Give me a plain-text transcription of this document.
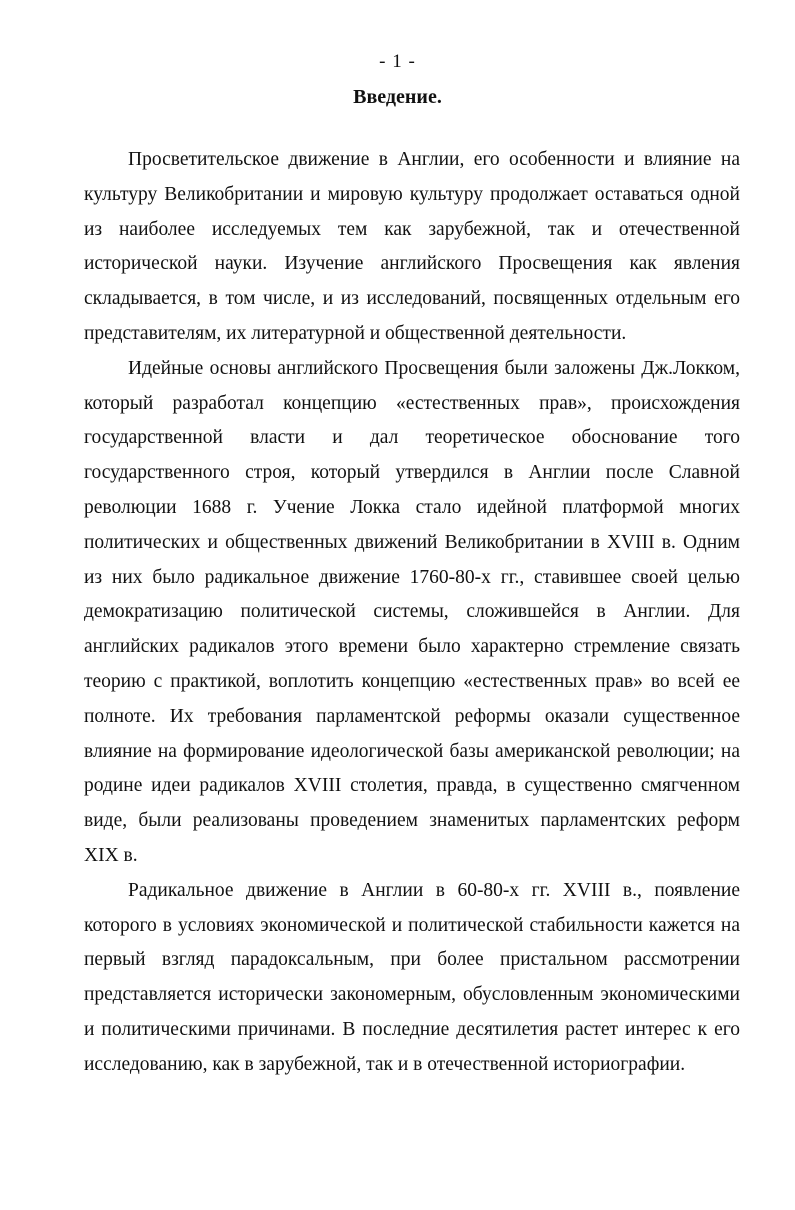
- 1 -
Введение.

Просветительское движение в Англии, его особенности и влияние на культуру Великобритании и мировую культуру продолжает оставаться одной из наиболее исследуемых тем как зарубежной, так и отечественной исторической науки. Изучение английского Просвещения как явления складывается, в том числе, и из исследований, посвященных отдельным его представителям, их литературной и общественной деятельности.

Идейные основы английского Просвещения были заложены Дж.Локком, который разработал концепцию «естественных прав», происхождения государственной власти и дал теоретическое обоснование того государственного строя, который утвердился в Англии после Славной революции 1688 г. Учение Локка стало идейной платформой многих политических и общественных движений Великобритании в XVIII в. Одним из них было радикальное движение 1760-80-х гг., ставившее своей целью демократизацию политической системы, сложившейся в Англии. Для английских радикалов этого времени было характерно стремление связать теорию с практикой, воплотить концепцию «естественных прав» во всей ее полноте. Их требования парламентской реформы оказали существенное влияние на формирование идеологической базы американской революции; на родине идеи радикалов XVIII столетия, правда, в существенно смягченном виде, были реализованы проведением знаменитых парламентских реформ XIX в.

Радикальное движение в Англии в 60-80-х гг. XVIII в., появление которого в условиях экономической и политической стабильности кажется на первый взгляд парадоксальным, при более пристальном рассмотрении представляется исторически закономерным, обусловленным экономическими и политическими причинами. В последние десятилетия растет интерес к его исследованию, как в зарубежной, так и в отечественной историографии.
